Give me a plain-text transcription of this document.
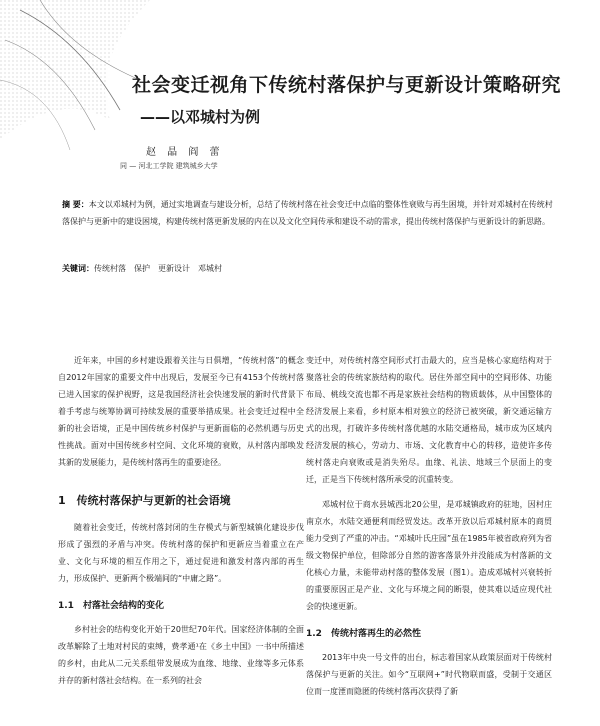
社会变迁视角下传统村落保护与更新设计策略研究
——以邓城村为例
赵 晶 阎 蕾
同 — 河北工学院 建筑城乡大学
摘 要：本文以邓城村为例，通过实地调查与建设分析，总结了传统村落在社会变迁中点临的整体性衰败与再生困境，并针对邓城村在传统村落保护与更新中的建设困境，构建传统村落更新发展的内在以及文化空间传承和建设不动的需求，提出传统村落保护与更新设计的新思路。
关键词：传统村落　保护　更新设计　邓城村

近年来，中国的乡村建设跟着关注与日俱增，“传统村落”的概念自2012年国家的重要文件中出现后，发展至今已有4153个传统村落已进入国家的保护视野，这是我国经济社会快速发展的新时代背景下着手考虑与统筹协调可持续发展的重要举措成果。社会变迁过程中全新的社会语境，正是中国传统乡村保护与更新面临的必然机遇与历史性挑战。面对中国传统乡村空间、文化环境的衰败，从村落内部唤发其新的发展能力，是传统村落再生的重要途径。

1　传统村落保护与更新的社会语境

随着社会变迁，传统村落封闭的生存模式与新型城镇化建设步伐形成了强烈的矛盾与冲突。传统村落的保护和更新应当着重立在产业、文化与环境的相互作用之下，通过促进和激发村落内部的再生力，形成保护、更新两个极端间的“中庸之路”。

1.1　村落社会结构的变化

乡村社会的结构变化开始于20世纪70年代。国家经济体制的全面改革解除了土地对村民的束缚，费孝通¹在《乡土中国》一书中所描述的乡村，由此从二元关系组带发展成为血缘、地缘、业缘等多元体系并存的新村落社会结构。在一系列的社会

变迁中，对传统村落空间形式打击最大的，应当是核心家庭结构对于聚落社会的传统家族结构的取代。居住外部空间中的空间形体、功能布局、桃线交流也都不再是家族社会结构的物质载体，从中国整体的经济发展上来看，乡村原本相对独立的经济已被突破，新交通运输方式的出现，打破许多传统村落优越的水陆交通格局，城市成为区域内经济发展的核心，劳动力、市场、文化教育中心的转移，造使许多传统村落走向衰败或是消失殆尽。血缘、礼法、地域三个层面上的变迁，正是当下传统村落所承受的沉重转变。

邓城村位于商水县城西北20公里，是邓城镇政府的驻地，因村庄南京水，水陆交通便利而经贸发达。改革开放以后邓城村原本的商贸能力受到了严重的冲击。“邓城叶氏庄园”虽在1985年被省政府列为省级文物保护单位，但除部分自然的游客落景外并没能成为村落新的文化核心力量，未能带动村落的整体发展（图1）。造成邓城村兴衰转折的重要原因正是产业、文化与环境之间的断裂，使其难以适应现代社会的快速更新。

1.2　传统村落再生的必然性

2013年中央一号文件的出台，标志着国家从政策层面对于传统村落保护与更新的关注。如今“互联网+”时代物联而盛，受制于交通区位而一度湮而隐匿的传统村落再次获得了新
